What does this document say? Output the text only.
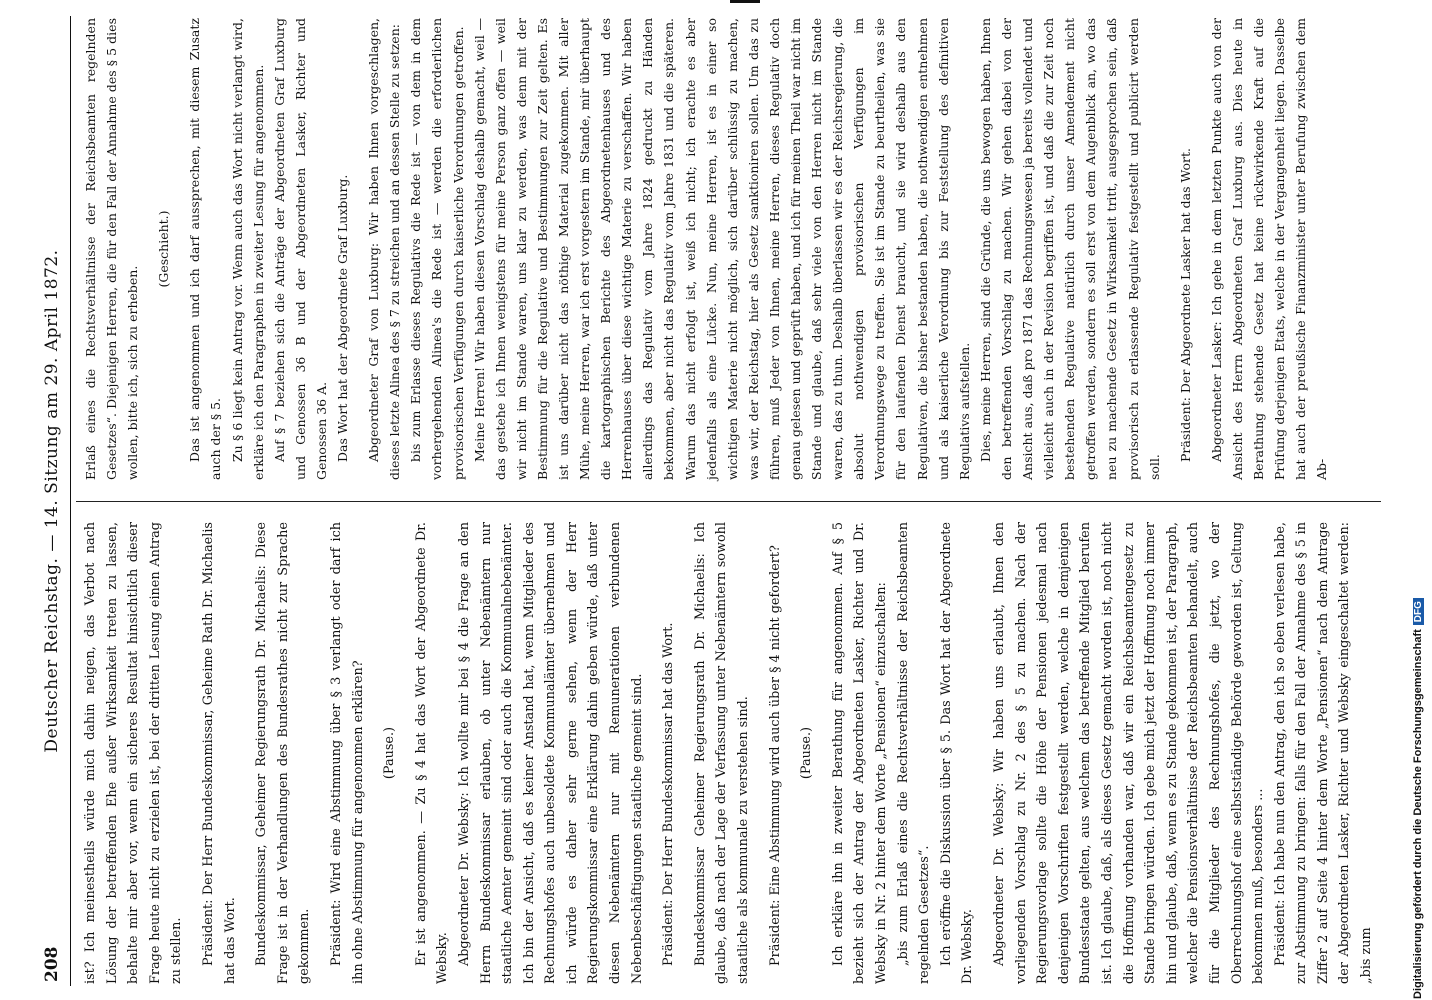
208
Deutscher Reichstag. — 14. Sitzung am 29. April 1872.

ist? Ich meinestheils würde mich dahin neigen, das Verbot nach Lösung der betreffenden Ehe außer Wirksamkeit treten zu lassen, behalte mir aber vor, wenn ein sicheres Resultat hinsichtlich dieser Frage heute nicht zu erzielen ist, bei der dritten Lesung einen Antrag zu stellen. Präsident: Der Herr Bundeskommissar, Geheime Rath Dr. Michaelis hat das Wort. Bundeskommissar, Geheimer Regierungsrath Dr. Michaelis: Diese Frage ist in der Verhandlungen des Bundesrathes nicht zur Sprache gekommen. Präsident: Wird eine Abstimmung über § 3 verlangt oder darf ich ihn ohne Abstimmung für angenommen erklären? (Pause.) Er ist angenommen. — Zu § 4 hat das Wort der Abgeordnete Dr. Websky. Abgeordneter Dr. Websky: Ich wollte mir bei § 4 die Frage an den Herrn Bundeskommissar erlauben, ob unter Nebenämtern nur staatliche Aemter gemeint sind oder auch die Kommunalnebenämter. Ich bin der Ansicht, daß es keiner Anstand hat, wenn Mitglieder des Rechnungshofes auch unbesoldete Kommunalämter übernehmen und ich würde es daher sehr gerne sehen, wenn der Herr Regierungskommissar eine Erklärung dahin geben würde, daß unter diesen Nebenämtern nur mit Remunerationen verbundenen Nebenbeschäftigungen staatliche gemeint sind. Präsident: Der Herr Bundeskommissar hat das Wort. Bundeskommissar Geheimer Regierungsrath Dr. Michaelis: Ich glaube, daß nach der Lage der Verfassung unter Nebenämtern sowohl staatliche als kommunale zu verstehen sind. Präsident: Eine Abstimmung wird auch über § 4 nicht gefordert? (Pause.) Ich erkläre ihn in zweiter Berathung für angenommen. Auf § 5 bezieht sich der Antrag der Abgeordneten Lasker, Richter und Dr. Websky in Nr. 2 hinter dem Worte „Pensionen“ einzuschalten: „bis zum Erlaß eines die Rechtsverhältnisse der Reichsbeamten regelnden Gesetzes“. Ich eröffne die Diskussion über § 5. Das Wort hat der Abgeordnete Dr. Websky. Abgeordneter Dr. Websky: Wir haben uns erlaubt, Ihnen den vorliegenden Vorschlag zu Nr. 2 des § 5 zu machen. Nach der Regierungsvorlage sollte die Höhe der Pensionen jedesmal nach denjenigen Vorschriften festgestellt werden, welche in demjenigen Bundesstaate gelten, aus welchem das betreffende Mitglied berufen ist. Ich glaube, daß, als dieses Gesetz gemacht worden ist, noch nicht die Hoffnung vorhanden war, daß wir ein Reichsbeamtengesetz zu Stande bringen würden. Ich gebe mich jetzt der Hoffnung noch immer hin und glaube, daß, wenn es zu Stande gekommen ist, der Paragraph, welcher die Pensionsverhältnisse der Reichsbeamten behandelt, auch für die Mitglieder des Rechnungshofes, die jetzt, wo der Oberrechnungshof eine selbstständige Behörde geworden ist, Geltung bekommen muß, besonders ... Präsident: Ich habe nun den Antrag, den ich so eben verlesen habe, zur Abstimmung zu bringen: falls für den Fall der Annahme des § 5 in Ziffer 2 auf Seite 4 hinter dem Worte „Pensionen“ nach dem Antrage der Abgeordneten Lasker, Richter und Websky eingeschaltet werden: „bis zum

Erlaß eines die Rechtsverhältnisse der Reichsbeamten regelnden Gesetzes“. Diejenigen Herren, die für den Fall der Annahme des § 5 dies wollen, bitte ich, sich zu erheben.

(Geschieht.) Das ist angenommen und ich darf aussprechen, mit diesem Zusatz auch der § 5. Zu § 6 liegt kein Antrag vor. Wenn auch das Wort nicht verlangt wird, erkläre ich den Paragraphen in zweiter Lesung für angenommen. Auf § 7 beziehen sich die Anträge der Abgeordneten Graf Luxburg und Genossen 36 B und der Abgeordneten Lasker, Richter und Genossen 36 A. Das Wort hat der Abgeordnete Graf Luxburg. Abgeordneter Graf von Luxburg: Wir haben Ihnen vorgeschlagen, dieses letzte Alinea des § 7 zu streichen und an dessen Stelle zu setzen: bis zum Erlasse dieses Regulativs die Rede ist — von dem in dem vorhergehenden Alinea's die Rede ist — werden die erforderlichen provisorischen Verfügungen durch kaiserliche Verordnungen getroffen. Meine Herren! Wir haben diesen Vorschlag deshalb gemacht, weil — das gestehe ich Ihnen wenigstens für meine Person ganz offen — weil wir nicht im Stande waren, uns klar zu werden, was denn mit der Bestimmung für die Regulative und Bestimmungen zur Zeit gelten. Es ist uns darüber nicht das nöthige Material zugekommen. Mit aller Mühe, meine Herren, war ich erst vorgestern im Stande, mir überhaupt die kartographischen Berichte des Abgeordnetenhauses und des Herrenhauses über diese wichtige Materie zu verschaffen. Wir haben allerdings das Regulativ vom Jahre 1824 gedruckt zu Händen bekommen, aber nicht das Regulativ vom Jahre 1831 und die späteren. Warum das nicht erfolgt ist, weiß ich nicht; ich erachte es aber jedenfalls als eine Lücke. Nun, meine Herren, ist es in einer so wichtigen Materie nicht möglich, sich darüber schlüssig zu machen, was wir, der Reichstag, hier als Gesetz sanktioniren sollen. Um das zu führen, muß Jeder von Ihnen, meine Herren, dieses Regulativ doch genau gelesen und geprüft haben, und ich für meinen Theil war nicht im Stande und glaube, daß sehr viele von den Herren nicht im Stande waren, das zu thun. Deshalb überlassen wir es der Reichsregierung, die absolut nothwendigen provisorischen Verfügungen im Verordnungswege zu treffen. Sie ist im Stande zu beurtheilen, was sie für den laufenden Dienst braucht, und sie wird deshalb aus den Regulativen, die bisher bestanden haben, die nothwendigen entnehmen und als kaiserliche Verordnung bis zur Feststellung des definitiven Regulativs aufstellen. Dies, meine Herren, sind die Gründe, die uns bewogen haben, Ihnen den betreffenden Vorschlag zu machen. Wir gehen dabei von der Ansicht aus, daß pro 1871 das Rechnungswesen ja bereits vollendet und vielleicht auch in der Revision begriffen ist, und daß die zur Zeit noch bestehenden Regulative natürlich durch unser Amendement nicht getroffen werden, sondern es soll erst von dem Augenblick an, wo das neu zu machende Gesetz in Wirksamkeit tritt, ausgesprochen sein, daß provisorisch zu erlassende Regulativ festgestellt und publicirt werden soll.

Präsident: Der Abgeordnete Lasker hat das Wort. Abgeordneter Lasker: Ich gehe in dem letzten Punkte auch von der Ansicht des Herrn Abgeordneten Graf Luxburg aus. Dies heute in Berathung stehende Gesetz hat keine rückwirkende Kraft auf die Prüfung derjenigen Etats, welche in der Vergangenheit liegen. Dasselbe hat auch der preußische Finanzminister unter Berufung zwischen dem Ab-

Digitalisierung gefördert durch die Deutsche ForschungsgemeinschaftDFG
